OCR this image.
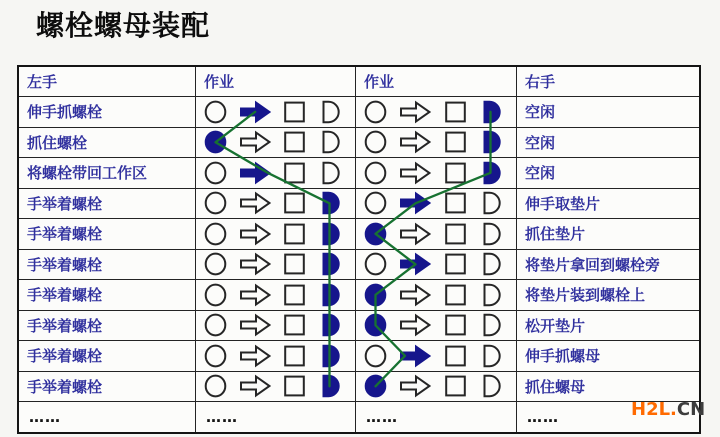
螺栓螺母装配
左手	作业	作业	右手
伸手抓螺栓	空闲
抓住螺栓	空闲
将螺栓带回工作区	空闲
手举着螺栓	伸手取垫片
手举着螺栓	抓住垫片
手举着螺栓	将垫片拿回到螺栓旁
手举着螺栓	将垫片装到螺栓上
手举着螺栓	松开垫片
手举着螺栓	伸手抓螺母
手举着螺栓	抓住螺母
……	……	……	……	H2L.CN
